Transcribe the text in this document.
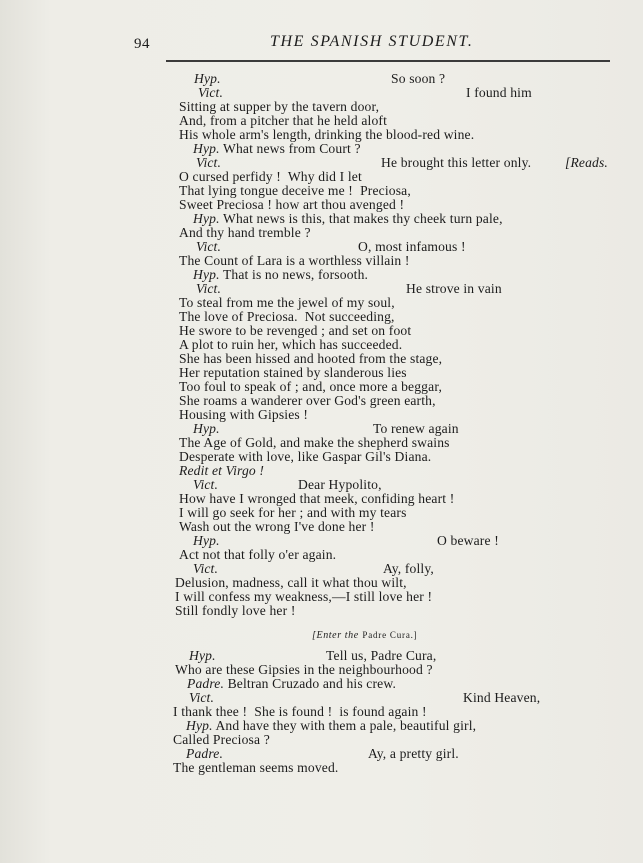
94	THE SPANISH STUDENT.
Hyp.	So soon ?
Vict.	I found him
Sitting at supper by the tavern door,
And, from a pitcher that he held aloft
His whole arm's length, drinking the blood-red wine.
Hyp. What news from Court ?
Vict.	He brought this letter only. [Reads.
O cursed perfidy !  Why did I let
That lying tongue deceive me !  Preciosa,
Sweet Preciosa ! how art thou avenged !
Hyp. What news is this, that makes thy cheek turn pale,
And thy hand tremble ?
Vict.	O, most infamous !
The Count of Lara is a worthless villain !
Hyp. That is no news, forsooth.
Vict.	He strove in vain
To steal from me the jewel of my soul,
The love of Preciosa.  Not succeeding,
He swore to be revenged ; and set on foot
A plot to ruin her, which has succeeded.
She has been hissed and hooted from the stage,
Her reputation stained by slanderous lies
Too foul to speak of ; and, once more a beggar,
She roams a wanderer over God's green earth,
Housing with Gipsies !
Hyp.	To renew again
The Age of Gold, and make the shepherd swains
Desperate with love, like Gaspar Gil's Diana.
Redit et Virgo !
Vict.	Dear Hypolito,
How have I wronged that meek, confiding heart !
I will go seek for her ; and with my tears
Wash out the wrong I've done her !
Hyp.	O beware !
Act not that folly o'er again.
Vict.	Ay, folly,
Delusion, madness, call it what thou wilt,
I will confess my weakness,—I still love her !
Still fondly love her !
[Enter the Padre Cura.]
Hyp.	Tell us, Padre Cura,
Who are these Gipsies in the neighbourhood ?
Padre. Beltran Cruzado and his crew.
Vict.	Kind Heaven,
I thank thee !  She is found !  is found again !
Hyp. And have they with them a pale, beautiful girl,
Called Preciosa ?
Padre.	Ay, a pretty girl.
The gentleman seems moved.
